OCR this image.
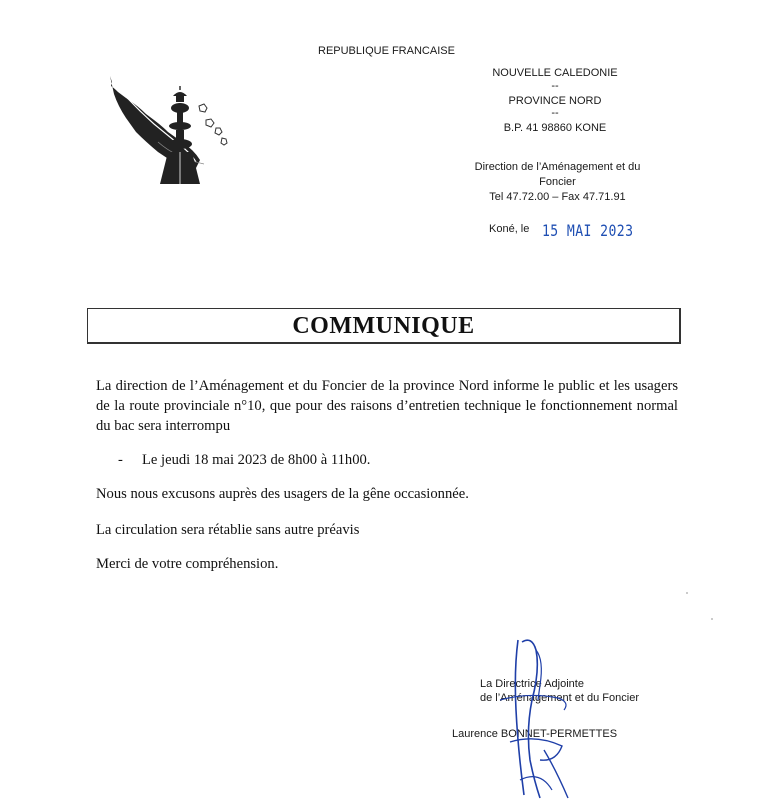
REPUBLIQUE FRANCAISE
NOUVELLE CALEDONIE
--
PROVINCE NORD
--
B.P. 41 98860 KONE
Direction de l’Aménagement et du
Foncier
Tel 47.72.00 – Fax 47.71.91
Koné, le 15 MAI 2023
COMMUNIQUE
La direction de l’Aménagement et du Foncier de la province Nord informe le public et les usagers de la route provinciale n°10, que pour des raisons d’entretien technique le fonctionnement normal du bac sera interrompu
- Le jeudi 18 mai 2023 de 8h00 à 11h00.
Nous nous excusons auprès des usagers de la gêne occasionnée.
La circulation sera rétablie sans autre préavis
Merci de votre compréhension.
La Directrice Adjointe
de l’Aménagement et du Foncier
Laurence BONNET-PERMETTES
